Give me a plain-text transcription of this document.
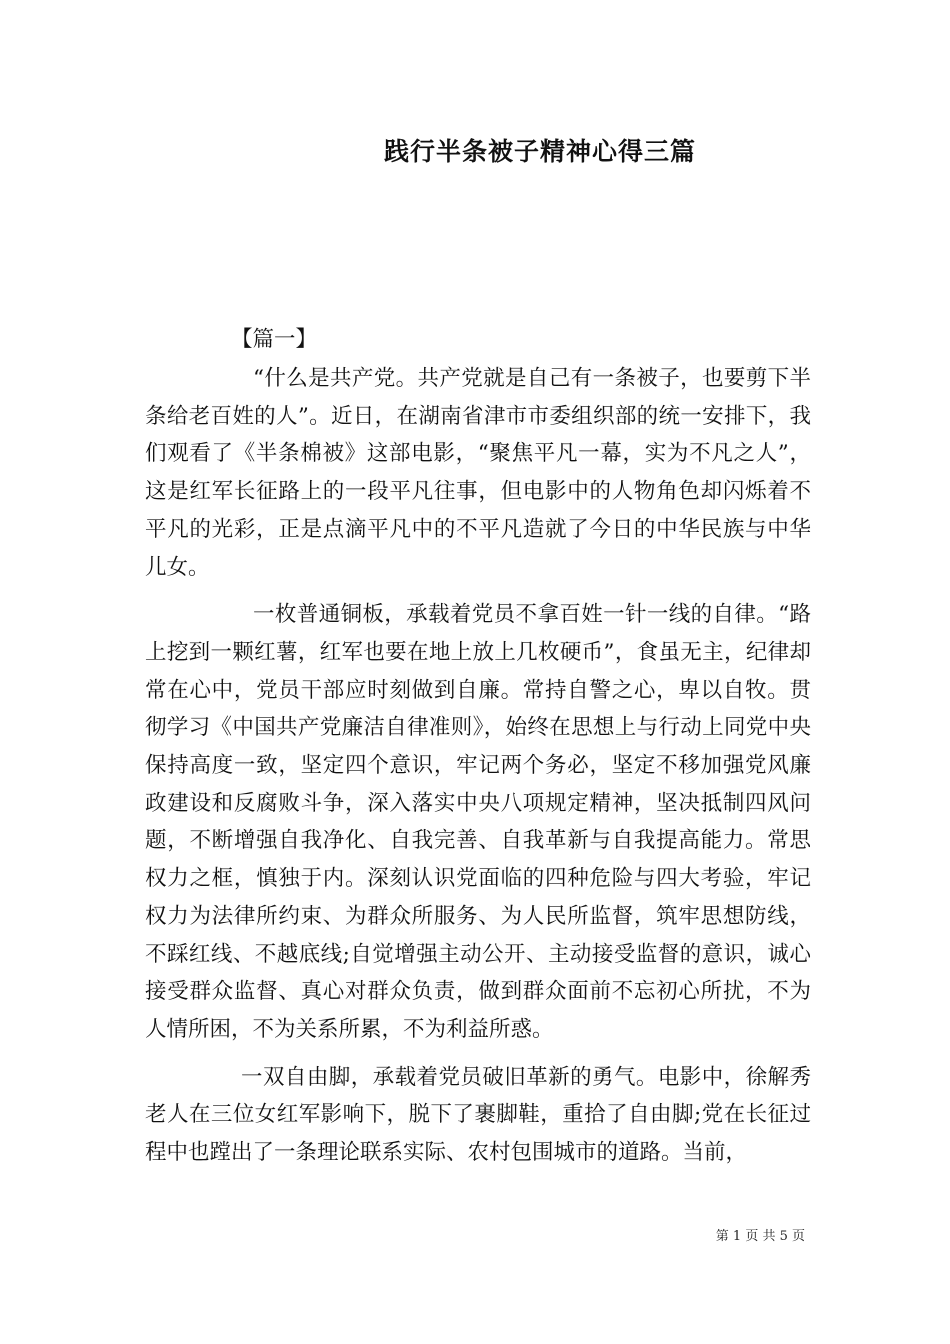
践行半条被子精神心得三篇
【篇一】

“什么是共产党。共产党就是自己有一条被子，也要剪下半条给老百姓的人”。近日，在湖南省津市市委组织部的统一安排下，我们观看了《半条棉被》这部电影，“聚焦平凡一幕，实为不凡之人”，这是红军长征路上的一段平凡往事，但电影中的人物角色却闪烁着不平凡的光彩，正是点滴平凡中的不平凡造就了今日的中华民族与中华儿女。

一枚普通铜板，承载着党员不拿百姓一针一线的自律。“路上挖到一颗红薯，红军也要在地上放上几枚硬币”，食虽无主，纪律却常在心中，党员干部应时刻做到自廉。常持自警之心，卑以自牧。贯彻学习《中国共产党廉洁自律准则》，始终在思想上与行动上同党中央保持高度一致，坚定四个意识，牢记两个务必，坚定不移加强党风廉政建设和反腐败斗争，深入落实中央八项规定精神，坚决抵制四风问题，不断增强自我净化、自我完善、自我革新与自我提高能力。常思权力之框，慎独于内。深刻认识党面临的四种危险与四大考验，牢记权力为法律所约束、为群众所服务、为人民所监督，筑牢思想防线，不踩红线、不越底线;自觉增强主动公开、主动接受监督的意识，诚心接受群众监督、真心对群众负责，做到群众面前不忘初心所扰，不为人情所困，不为关系所累，不为利益所惑。

一双自由脚，承载着党员破旧革新的勇气。电影中，徐解秀老人在三位女红军影响下，脱下了裹脚鞋，重拾了自由脚;党在长征过程中也蹚出了一条理论联系实际、农村包围城市的道路。当前，

第 1 页 共 5 页
